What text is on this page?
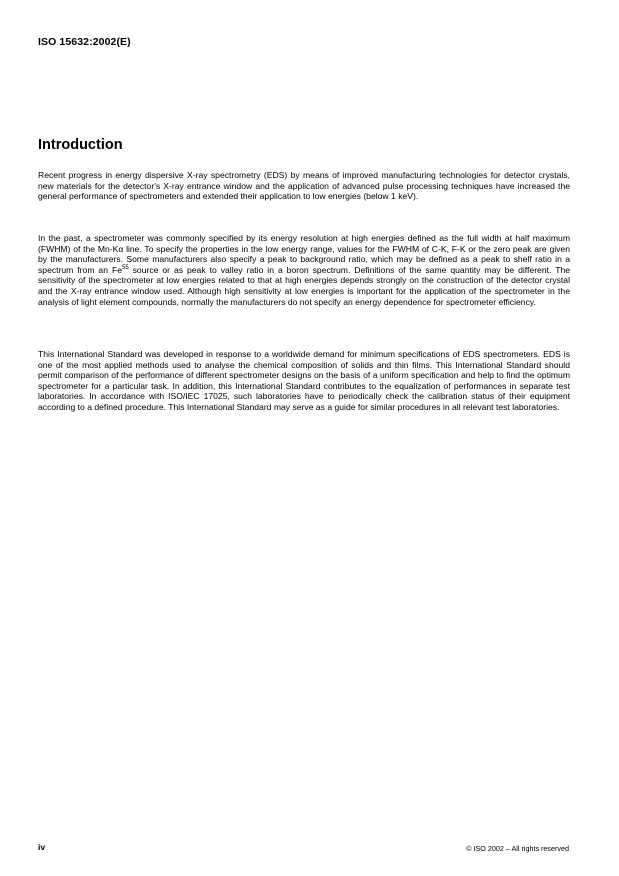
ISO 15632:2002(E)
Introduction

Recent progress in energy dispersive X-ray spectrometry (EDS) by means of improved manufacturing technologies for detector crystals, new materials for the detector's X-ray entrance window and the application of advanced pulse processing techniques have increased the general performance of spectrometers and extended their application to low energies (below 1 keV).

In the past, a spectrometer was commonly specified by its energy resolution at high energies defined as the full width at half maximum (FWHM) of the Mn-Kα line. To specify the properties in the low energy range, values for the FWHM of C-K, F-K or the zero peak are given by the manufacturers. Some manufacturers also specify a peak to background ratio, which may be defined as a peak to shelf ratio in a spectrum from an Fe$^{55}$ source or as peak to valley ratio in a boron spectrum. Definitions of the same quantity may be different. The sensitivity of the spectrometer at low energies related to that at high energies depends strongly on the construction of the detector crystal and the X-ray entrance window used. Although high sensitivity at low energies is important for the application of the spectrometer in the analysis of light element compounds, normally the manufacturers do not specify an energy dependence for spectrometer efficiency.

This International Standard was developed in response to a worldwide demand for minimum specifications of EDS spectrometers. EDS is one of the most applied methods used to analyse the chemical composition of solids and thin films. This International Standard should permit comparison of the performance of different spectrometer designs on the basis of a uniform specification and help to find the optimum spectrometer for a particular task. In addition, this International Standard contributes to the equalization of performances in separate test laboratories. In accordance with ISO/IEC 17025, such laboratories have to periodically check the calibration status of their equipment according to a defined procedure. This International Standard may serve as a guide for similar procedures in all relevant test laboratories.

iv	© ISO 2002 – All rights reserved
